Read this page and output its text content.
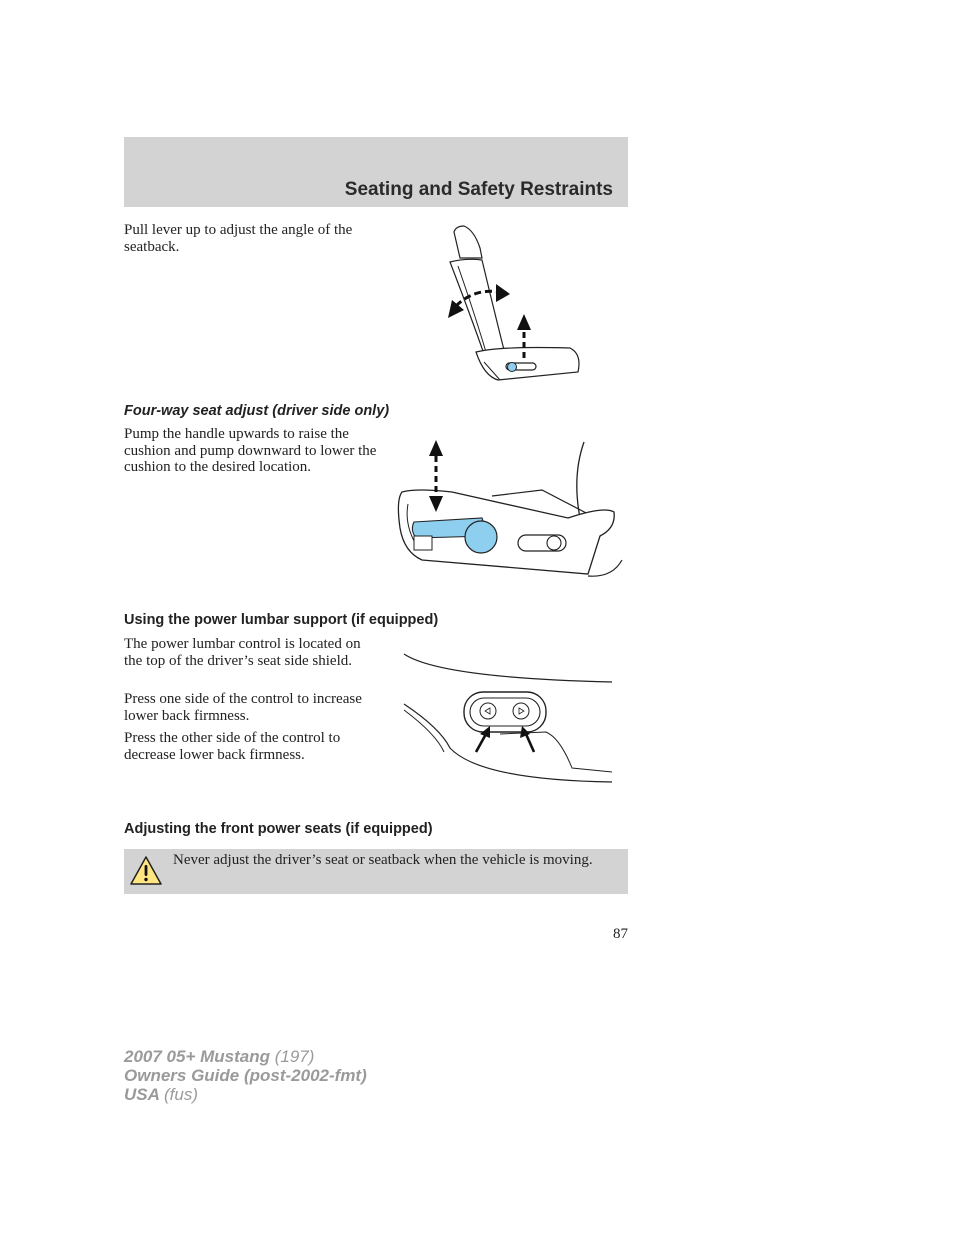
Seating and Safety Restraints

Pull lever up to adjust the angle of the seatback.

Four-way seat adjust (driver side only)

Pump the handle upwards to raise the cushion and pump downward to lower the cushion to the desired location.

Using the power lumbar support (if equipped)

The power lumbar control is located on the top of the driver’s seat side shield.

Press one side of the control to increase lower back firmness.

Press the other side of the control to decrease lower back firmness.

Adjusting the front power seats (if equipped)
Never adjust the driver’s seat or seatback when the vehicle is moving.
87
2007 05+ Mustang (197)
Owners Guide (post-2002-fmt)
USA (fus)
